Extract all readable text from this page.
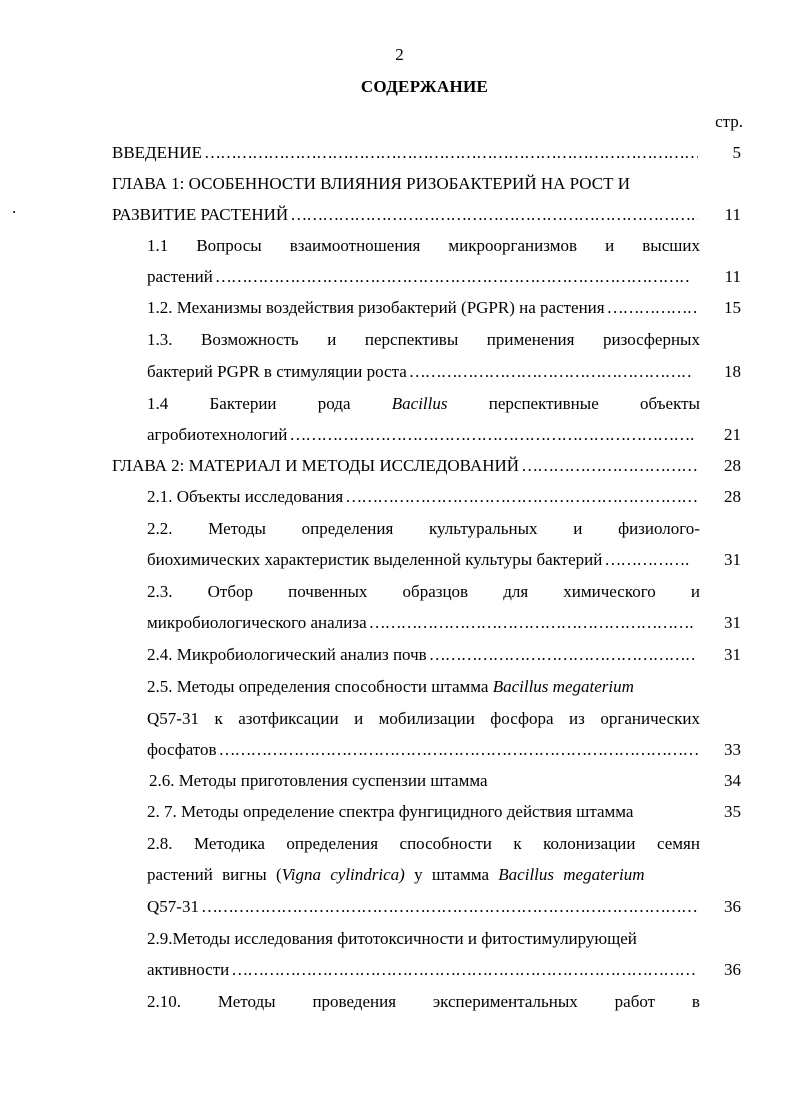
2
СОДЕРЖАНИЕ
стр.
.
ВВЕДЕНИЕ …………………………………………………………………………………………………………………………………………………………………………	5
ГЛАВА 1: ОСОБЕННОСТИ ВЛИЯНИЯ РИЗОБАКТЕРИЙ НА РОСТ И
РАЗВИТИЕ РАСТЕНИЙ …………………………………………………………………………………………………………………………………………………………………………	11
1.1 Вопросы взаимоотношения микроорганизмов и высших
растений …………………………………………………………………………………………………………………………………………………………………………	11
1.2. Механизмы воздействия ризобактерий (PGPR) на растения …………………………………………………………………………………………………………………………………………………………………………	15
1.3. Возможность и перспективы применения ризосферных
бактерий PGPR в стимуляции роста …………………………………………………………………………………………………………………………………………………………………………	18
1.4 Бактерии рода Bacillus перспективные объекты
агробиотехнологий …………………………………………………………………………………………………………………………………………………………………………	21
ГЛАВА 2: МАТЕРИАЛ И МЕТОДЫ ИССЛЕДОВАНИЙ …………………………………………………………………………………………………………………………………………………………………………	28
2.1. Объекты исследования …………………………………………………………………………………………………………………………………………………………………………	28
2.2. Методы определения культуральных и физиолого-
биохимических характеристик выделенной культуры бактерий …………………………………………………………………………………………………………………………………………………………………………	31
2.3. Отбор почвенных образцов для химического и
микробиологического анализа …………………………………………………………………………………………………………………………………………………………………………	31
2.4. Микробиологический анализ почв …………………………………………………………………………………………………………………………………………………………………………	31
2.5. Методы определения способности штамма Bacillus megaterium
Q57-31 к азотфиксации и мобилизации фосфора из органических
фосфатов …………………………………………………………………………………………………………………………………………………………………………	33
2.6. Методы приготовления суспензии штамма	34
2. 7. Методы определение спектра фунгицидного действия штамма	35
2.8. Методика определения способности к колонизации семян
растений вигны (Vigna cylindrica) у штамма Bacillus megaterium
Q57-31 …………………………………………………………………………………………………………………………………………………………………………	36
2.9.Методы исследования фитотоксичности и фитостимулирующей
активности …………………………………………………………………………………………………………………………………………………………………………	36
2.10. Методы проведения экспериментальных работ в
